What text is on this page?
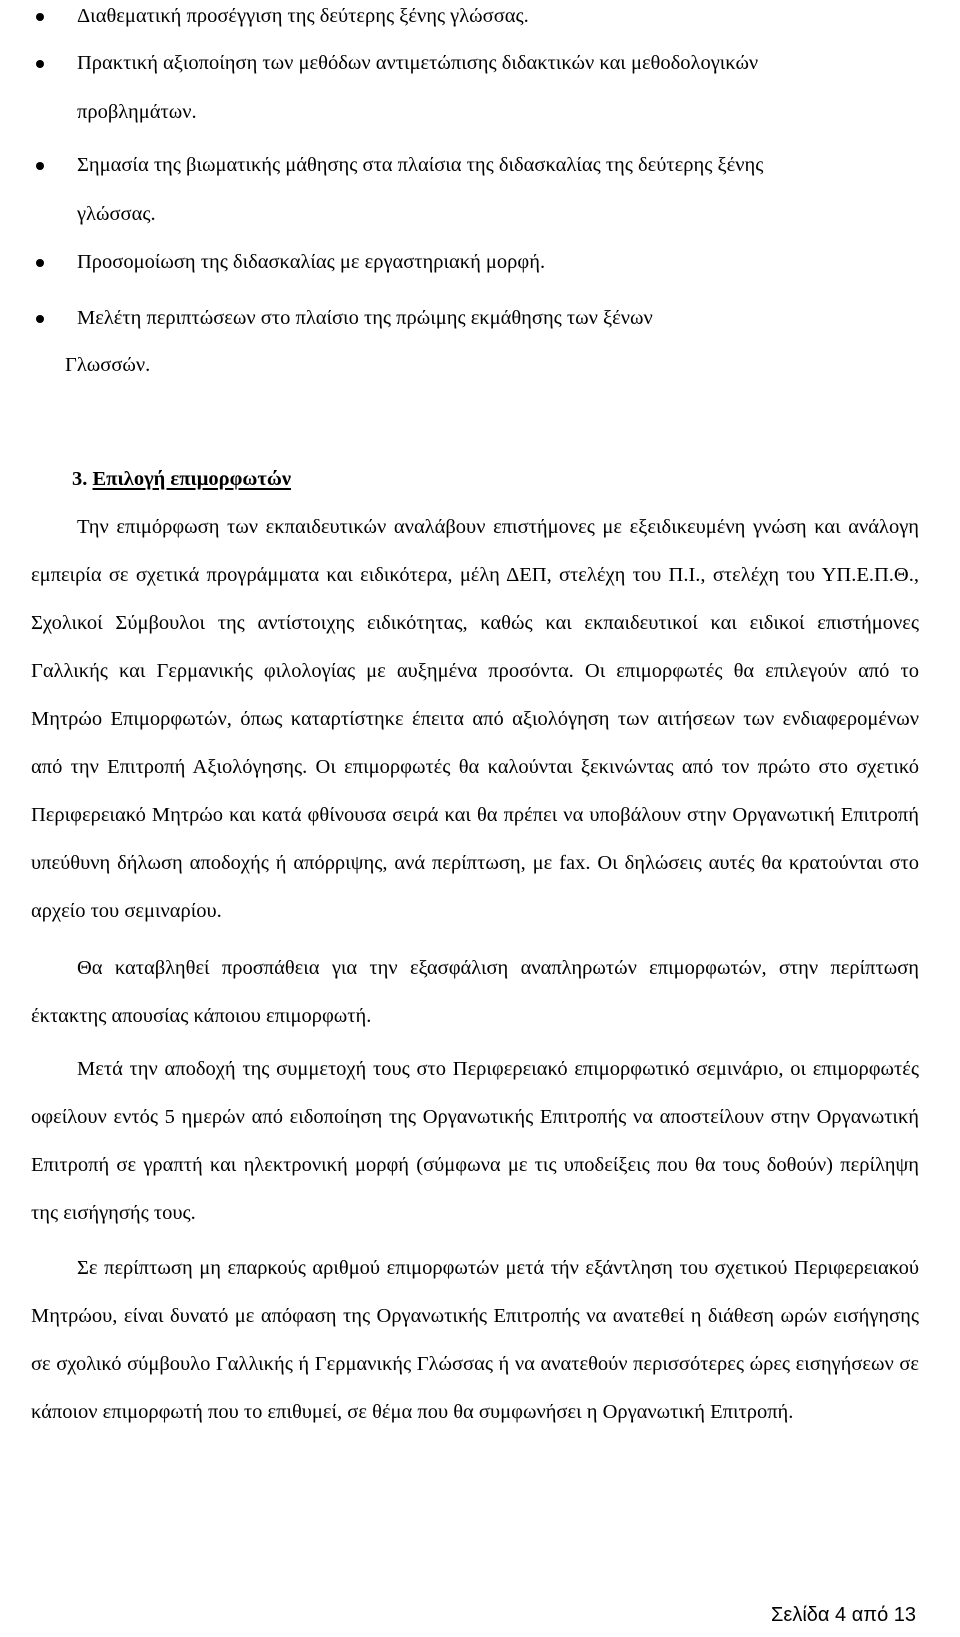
Διαθεματική προσέγγιση της δεύτερης ξένης γλώσσας.
Πρακτική αξιοποίηση των μεθόδων αντιμετώπισης διδακτικών και μεθοδολογικών
προβλημάτων.
Σημασία της βιωματικής μάθησης στα πλαίσια της διδασκαλίας της δεύτερης ξένης
γλώσσας.
Προσομοίωση της διδασκαλίας με εργαστηριακή μορφή.
Μελέτη περιπτώσεων στο πλαίσιο της πρώιμης εκμάθησης των ξένων
Γλωσσών.
3. Επιλογή επιμορφωτών

Την επιμόρφωση των εκπαιδευτικών αναλάβουν επιστήμονες με εξειδικευμένη γνώση και ανάλογη εμπειρία σε σχετικά προγράμματα και ειδικότερα, μέλη ΔΕΠ, στελέχη του Π.Ι., στελέχη του ΥΠ.Ε.Π.Θ., Σχολικοί Σύμβουλοι της αντίστοιχης ειδικότητας, καθώς και εκπαιδευτικοί και ειδικοί επιστήμονες Γαλλικής και Γερμανικής φιλολογίας με αυξημένα προσόντα. Οι επιμορφωτές θα επιλεγούν από το Μητρώο Επιμορφωτών, όπως καταρτίστηκε έπειτα από αξιολόγηση των αιτήσεων των ενδιαφερομένων από την Επιτροπή Αξιολόγησης. Οι επιμορφωτές θα καλούνται ξεκινώντας από τον πρώτο στο σχετικό Περιφερειακό Μητρώο και κατά φθίνουσα σειρά και θα πρέπει να υποβάλουν στην Οργανωτική Επιτροπή υπεύθυνη δήλωση αποδοχής ή απόρριψης, ανά περίπτωση, με fax. Οι δηλώσεις αυτές θα κρατούνται στο αρχείο του σεμιναρίου.

Θα καταβληθεί προσπάθεια για την εξασφάλιση αναπληρωτών επιμορφωτών, στην περίπτωση έκτακτης απουσίας κάποιου επιμορφωτή.

Μετά την αποδοχή της συμμετοχή τους στο Περιφερειακό επιμορφωτικό σεμινάριο, οι επιμορφωτές οφείλουν εντός 5 ημερών από ειδοποίηση της Οργανωτικής Επιτροπής να αποστείλουν στην Οργανωτική Επιτροπή σε γραπτή και ηλεκτρονική μορφή (σύμφωνα με τις υποδείξεις που θα τους δοθούν) περίληψη της εισήγησής τους.

Σε περίπτωση μη επαρκούς αριθμού επιμορφωτών μετά τήν εξάντληση του σχετικού Περιφερειακού Μητρώου, είναι δυνατό με απόφαση της Οργανωτικής Επιτροπής να ανατεθεί η διάθεση ωρών εισήγησης σε σχολικό σύμβουλο Γαλλικής ή Γερμανικής Γλώσσας ή να ανατεθούν περισσότερες ώρες εισηγήσεων σε κάποιον επιμορφωτή που το επιθυμεί, σε θέμα που θα συμφωνήσει η Οργανωτική Επιτροπή.

Σελίδα 4 από 13
